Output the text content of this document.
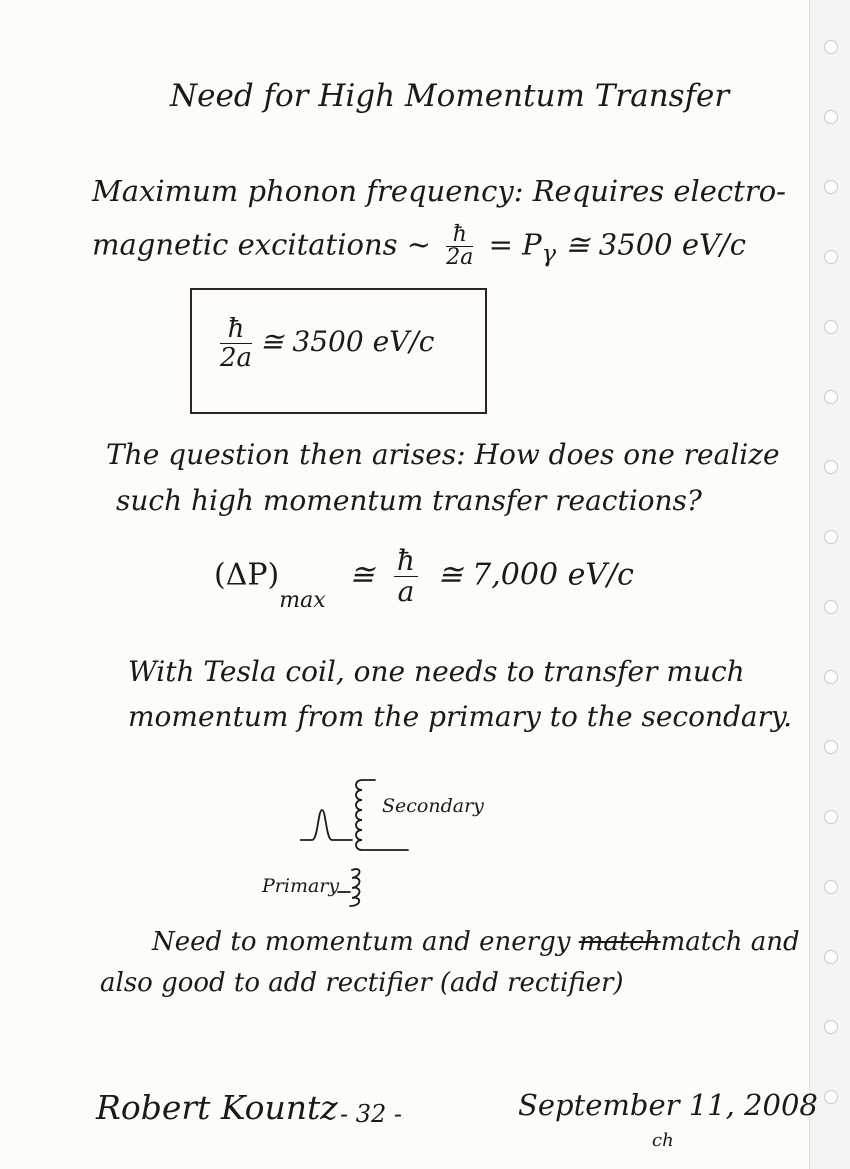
Need for High Momentum Transfer
Maximum phonon frequency: Requires electro-
magnetic excitations ~ $\frac{ħ}{2a} = P_\gamma$ ≅ 3500 eV/c
$\frac{ħ}{2a}$ ≅ 3500 eV/c
The question then arises: How does one realize
such high momentum transfer reactions?
$(\Delta P)_{max}$ ≅ $\frac{ħ}{a}$ ≅ 7,000 eV/c
With Tesla coil, one needs to transfer much
momentum from the primary to the secondary.
Secondary
Primary
Need to momentum and energy matchmatch and
also good to add rectifier (add rectifier)
Robert Kountz - 32 -	September 11, 2008
ch
